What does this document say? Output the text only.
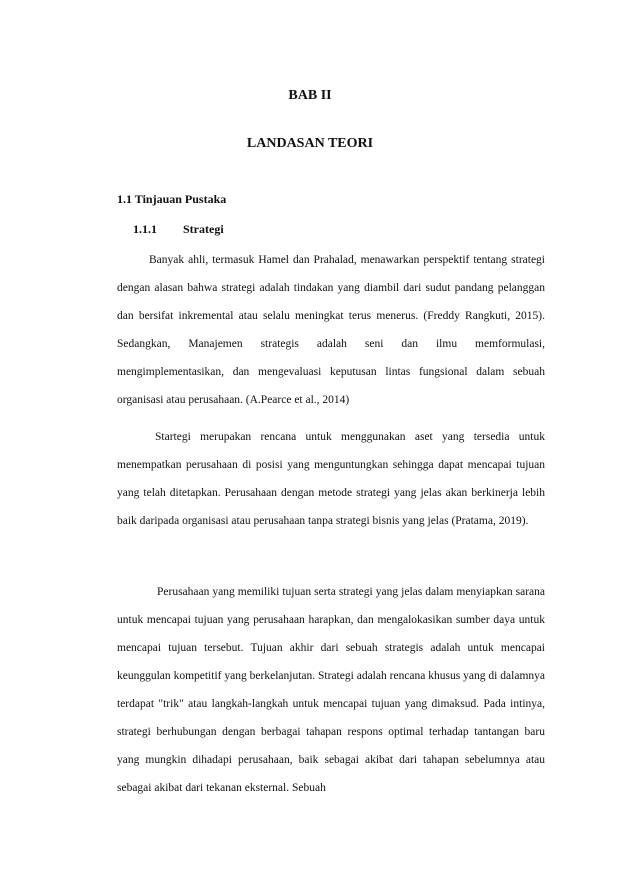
BAB II
LANDASAN TEORI
1.1 Tinjauan Pustaka
1.1.1 Strategi

Banyak ahli, termasuk Hamel dan Prahalad, menawarkan perspektif tentang strategi dengan alasan bahwa strategi adalah tindakan yang diambil dari sudut pandang pelanggan dan bersifat inkremental atau selalu meningkat terus menerus. (Freddy Rangkuti, 2015). Sedangkan, Manajemen strategis adalah seni dan ilmu memformulasi, mengimplementasikan, dan mengevaluasi keputusan lintas fungsional dalam sebuah organisasi atau perusahaan. (A.Pearce et al., 2014)

Startegi merupakan rencana untuk menggunakan aset yang tersedia untuk menempatkan perusahaan di posisi yang menguntungkan sehingga dapat mencapai tujuan yang telah ditetapkan. Perusahaan dengan metode strategi yang jelas akan berkinerja lebih baik daripada organisasi atau perusahaan tanpa strategi bisnis yang jelas (Pratama, 2019).

Perusahaan yang memiliki tujuan serta strategi yang jelas dalam menyiapkan sarana untuk mencapai tujuan yang perusahaan harapkan, dan mengalokasikan sumber daya untuk mencapai tujuan tersebut. Tujuan akhir dari sebuah strategis adalah untuk mencapai keunggulan kompetitif yang berkelanjutan. Strategi adalah rencana khusus yang di dalamnya terdapat "trik" atau langkah-langkah untuk mencapai tujuan yang dimaksud. Pada intinya, strategi berhubungan dengan berbagai tahapan respons optimal terhadap tantangan baru yang mungkin dihadapi perusahaan, baik sebagai akibat dari tahapan sebelumnya atau sebagai akibat dari tekanan eksternal. Sebuah
